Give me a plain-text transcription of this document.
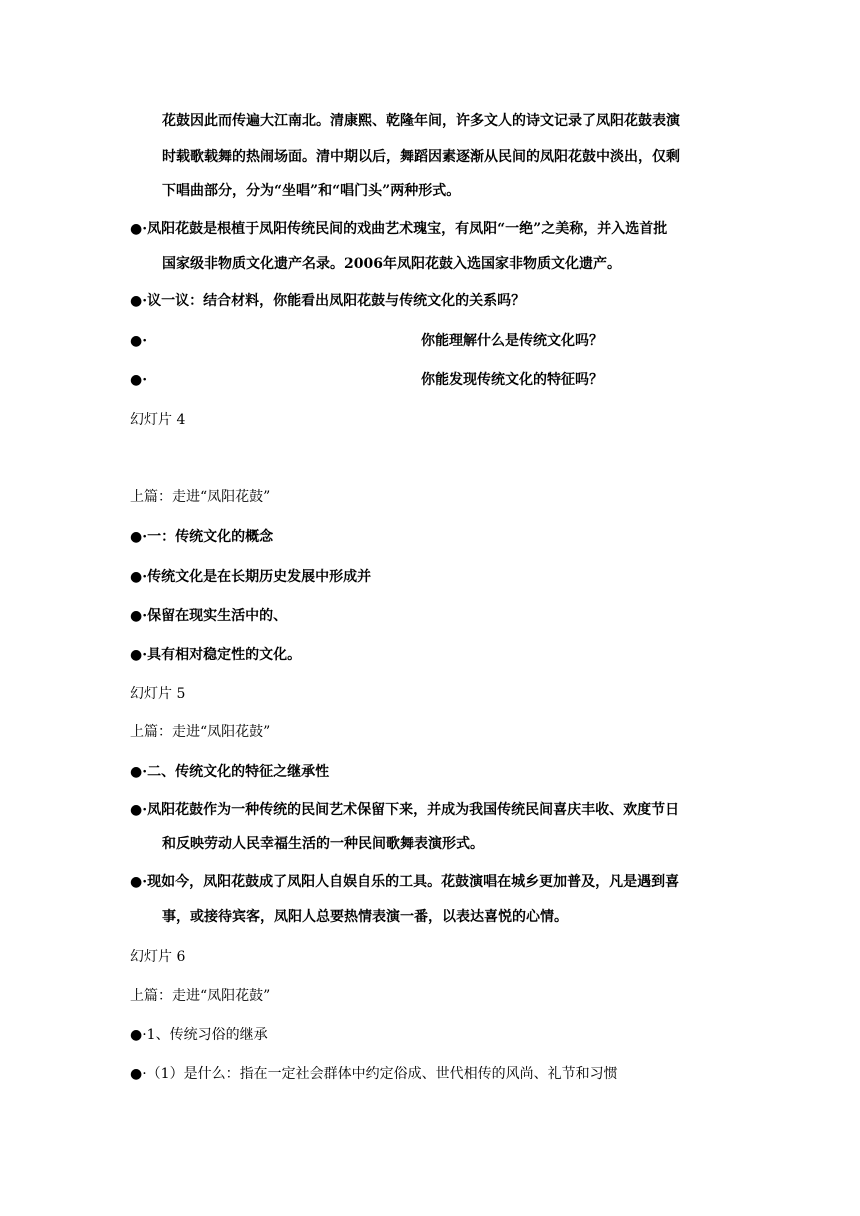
花鼓因此而传遍大江南北。清康熙、乾隆年间，许多文人的诗文记录了凤阳花鼓表演
时载歌载舞的热闹场面。清中期以后，舞蹈因素逐渐从民间的凤阳花鼓中淡出，仅剩
下唱曲部分，分为“坐唱”和“唱门头”两种形式。
●·凤阳花鼓是根植于凤阳传统民间的戏曲艺术瑰宝，有凤阳“一绝”之美称，并入选首批
国家级非物质文化遗产名录。2006年凤阳花鼓入选国家非物质文化遗产。
●·议一议：结合材料，你能看出凤阳花鼓与传统文化的关系吗？
●·	你能理解什么是传统文化吗？
●·	你能发现传统文化的特征吗？
幻灯片 4
上篇：走进“凤阳花鼓”
●·一：传统文化的概念
●·传统文化是在长期历史发展中形成并
●·保留在现实生活中的、
●·具有相对稳定性的文化。
幻灯片 5
上篇：走进“凤阳花鼓”
●·二、传统文化的特征之继承性
●·凤阳花鼓作为一种传统的民间艺术保留下来，并成为我国传统民间喜庆丰收、欢度节日
和反映劳动人民幸福生活的一种民间歌舞表演形式。
●·现如今，凤阳花鼓成了凤阳人自娱自乐的工具。花鼓演唱在城乡更加普及，凡是遇到喜
事，或接待宾客，凤阳人总要热情表演一番，以表达喜悦的心情。
幻灯片 6
上篇：走进“凤阳花鼓”
●·1、传统习俗的继承
●·（1）是什么：指在一定社会群体中约定俗成、世代相传的风尚、礼节和习惯
